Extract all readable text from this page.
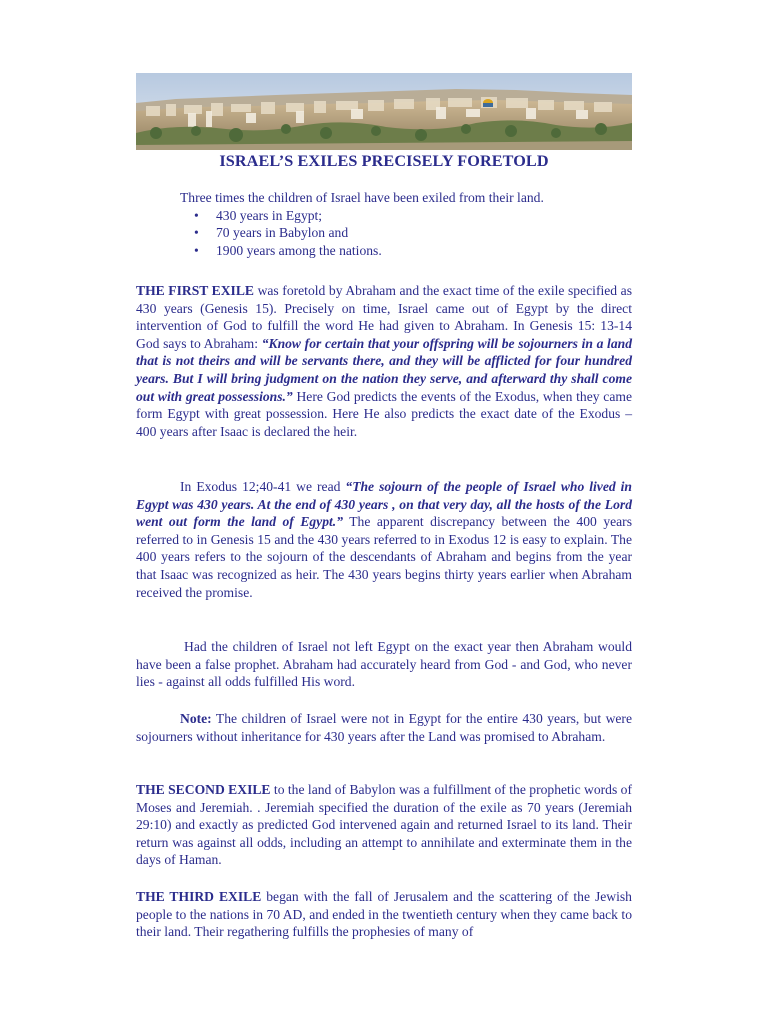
ISRAEL’S EXILES PRECISELY FORETOLD

Three times the children of Israel have been exiled from their land.

• 430 years in Egypt;
• 70 years in Babylon and
• 1900 years among the nations.

THE FIRST EXILE was foretold by Abraham and the exact time of the exile specified as 430 years (Genesis 15). Precisely on time, Israel came out of Egypt by the direct intervention of God to fulfill the word He had given to Abraham. In Genesis 15: 13-14 God says to Abraham: “Know for certain that your offspring will be sojourners in a land that is not theirs and will be servants there, and they will be afflicted for four hundred years. But I will bring judgment on the nation they serve, and afterward thy shall come out with great possessions.” Here God predicts the events of the Exodus, when they came form Egypt with great possession. Here He also predicts the exact date of the Exodus – 400 years after Isaac is declared the heir.

In Exodus 12;40-41 we read “The sojourn of the people of Israel who lived in Egypt was 430 years. At the end of 430 years , on that very day, all the hosts of the Lord went out form the land of Egypt.” The apparent discrepancy between the 400 years referred to in Genesis 15 and the 430 years referred to in Exodus 12 is easy to explain. The 400 years refers to the sojourn of the descendants of Abraham and begins from the year that Isaac was recognized as heir. The 430 years begins thirty years earlier when Abraham received the promise.

Had the children of Israel not left Egypt on the exact year then Abraham would have been a false prophet. Abraham had accurately heard from God - and God, who never lies - against all odds fulfilled His word.

Note: The children of Israel were not in Egypt for the entire 430 years, but were sojourners without inheritance for 430 years after the Land was promised to Abraham.

THE SECOND EXILE to the land of Babylon was a fulfillment of the prophetic words of Moses and Jeremiah. . Jeremiah specified the duration of the exile as 70 years (Jeremiah 29:10) and exactly as predicted God intervened again and returned Israel to its land. Their return was against all odds, including an attempt to annihilate and exterminate them in the days of Haman.

THE THIRD EXILE began with the fall of Jerusalem and the scattering of the Jewish people to the nations in 70 AD, and ended in the twentieth century when they came back to their land. Their regathering fulfills the prophesies of many of
